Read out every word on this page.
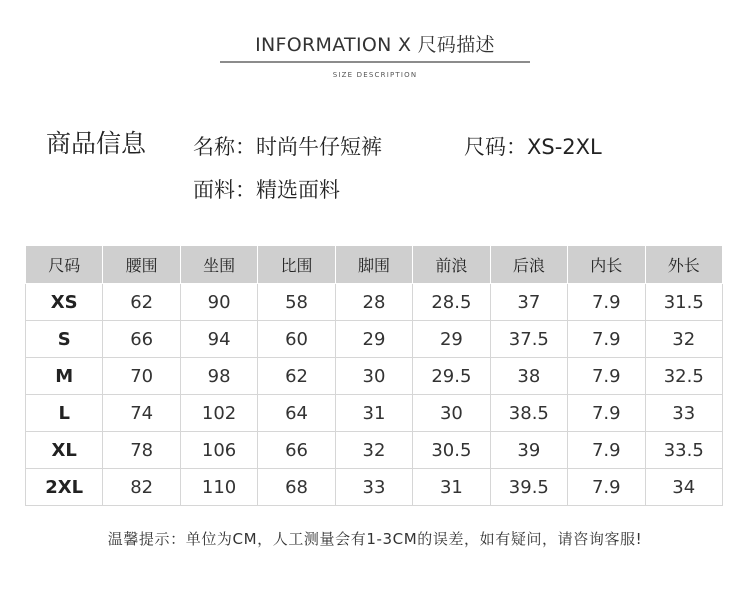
INFORMATION X 尺码描述
SIZE DESCRIPTION
商品信息 名称：时尚牛仔短裤	尺码：XS-2XL
面料：精选面料
尺码	腰围	坐围	比围	脚围	前浪	后浪	内长	外长
XS	62	90	58	28	28.5	37	7.9	31.5
S	66	94	60	29	29	37.5	7.9	32
M	70	98	62	30	29.5	38	7.9	32.5
L	74	102	64	31	30	38.5	7.9	33
XL	78	106	66	32	30.5	39	7.9	33.5
2XL	82	110	68	33	31	39.5	7.9	34
温馨提示：单位为CM，人工测量会有1-3CM的误差，如有疑问，请咨询客服!
